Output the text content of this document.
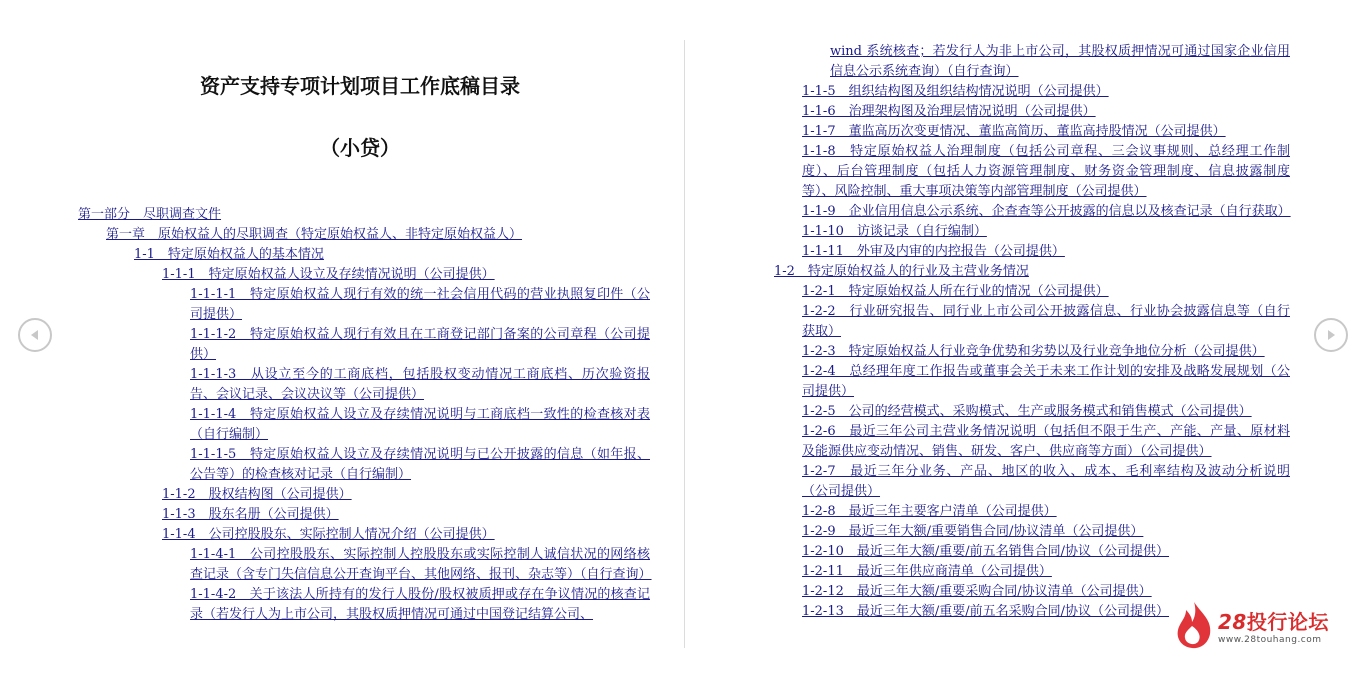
资产支持专项计划项目工作底稿目录
（小贷）
第一部分　尽职调查文件
第一章　原始权益人的尽职调查（特定原始权益人、非特定原始权益人）
1-1　特定原始权益人的基本情况
1-1-1　特定原始权益人设立及存续情况说明（公司提供）
1-1-1-1　特定原始权益人现行有效的统一社会信用代码的营业执照复印件（公司提供）
1-1-1-2　特定原始权益人现行有效且在工商登记部门备案的公司章程（公司提供）
1-1-1-3　从设立至今的工商底档，包括股权变动情况工商底档、历次验资报告、会议记录、会议决议等（公司提供）
1-1-1-4　特定原始权益人设立及存续情况说明与工商底档一致性的检查核对表（自行编制）
1-1-1-5　特定原始权益人设立及存续情况说明与已公开披露的信息（如年报、公告等）的检查核对记录（自行编制）
1-1-2　股权结构图（公司提供）
1-1-3　股东名册（公司提供）
1-1-4　公司控股股东、实际控制人情况介绍（公司提供）
1-1-4-1　公司控股股东、实际控制人控股股东或实际控制人诚信状况的网络核查记录（含专门失信信息公开查询平台、其他网络、报刊、杂志等）（自行查询）
1-1-4-2　关于该法人所持有的发行人股份/股权被质押或存在争议情况的核查记录（若发行人为上市公司，其股权质押情况可通过中国登记结算公司、
wind 系统核查；若发行人为非上市公司，其股权质押情况可通过国家企业信用信息公示系统查询）（自行查询）
1-1-5　组织结构图及组织结构情况说明（公司提供）
1-1-6　治理架构图及治理层情况说明（公司提供）
1-1-7　董监高历次变更情况、董监高简历、董监高持股情况（公司提供）
1-1-8　特定原始权益人治理制度（包括公司章程、三会议事规则、总经理工作制度）、后台管理制度（包括人力资源管理制度、财务资金管理制度、信息披露制度等）、风险控制、重大事项决策等内部管理制度（公司提供）
1-1-9　企业信用信息公示系统、企查查等公开披露的信息以及核查记录（自行获取）
1-1-10　访谈记录（自行编制）
1-1-11　外审及内审的内控报告（公司提供）
1-2　特定原始权益人的行业及主营业务情况
1-2-1　特定原始权益人所在行业的情况（公司提供）
1-2-2　行业研究报告、同行业上市公司公开披露信息、行业协会披露信息等（自行获取）
1-2-3　特定原始权益人行业竞争优势和劣势以及行业竞争地位分析（公司提供）
1-2-4　总经理年度工作报告或董事会关于未来工作计划的安排及战略发展规划（公司提供）
1-2-5　公司的经营模式、采购模式、生产或服务模式和销售模式（公司提供）
1-2-6　最近三年公司主营业务情况说明（包括但不限于生产、产能、产量、原材料及能源供应变动情况、销售、研发、客户、供应商等方面）（公司提供）
1-2-7　最近三年分业务、产品、地区的收入、成本、毛利率结构及波动分析说明（公司提供）
1-2-8　最近三年主要客户清单（公司提供）
1-2-9　最近三年大额/重要销售合同/协议清单（公司提供）
1-2-10　最近三年大额/重要/前五名销售合同/协议（公司提供）
1-2-11　最近三年供应商清单（公司提供）
1-2-12　最近三年大额/重要采购合同/协议清单（公司提供）
1-2-13　最近三年大额/重要/前五名采购合同/协议（公司提供）	28投行论坛
www.28touhang.com
